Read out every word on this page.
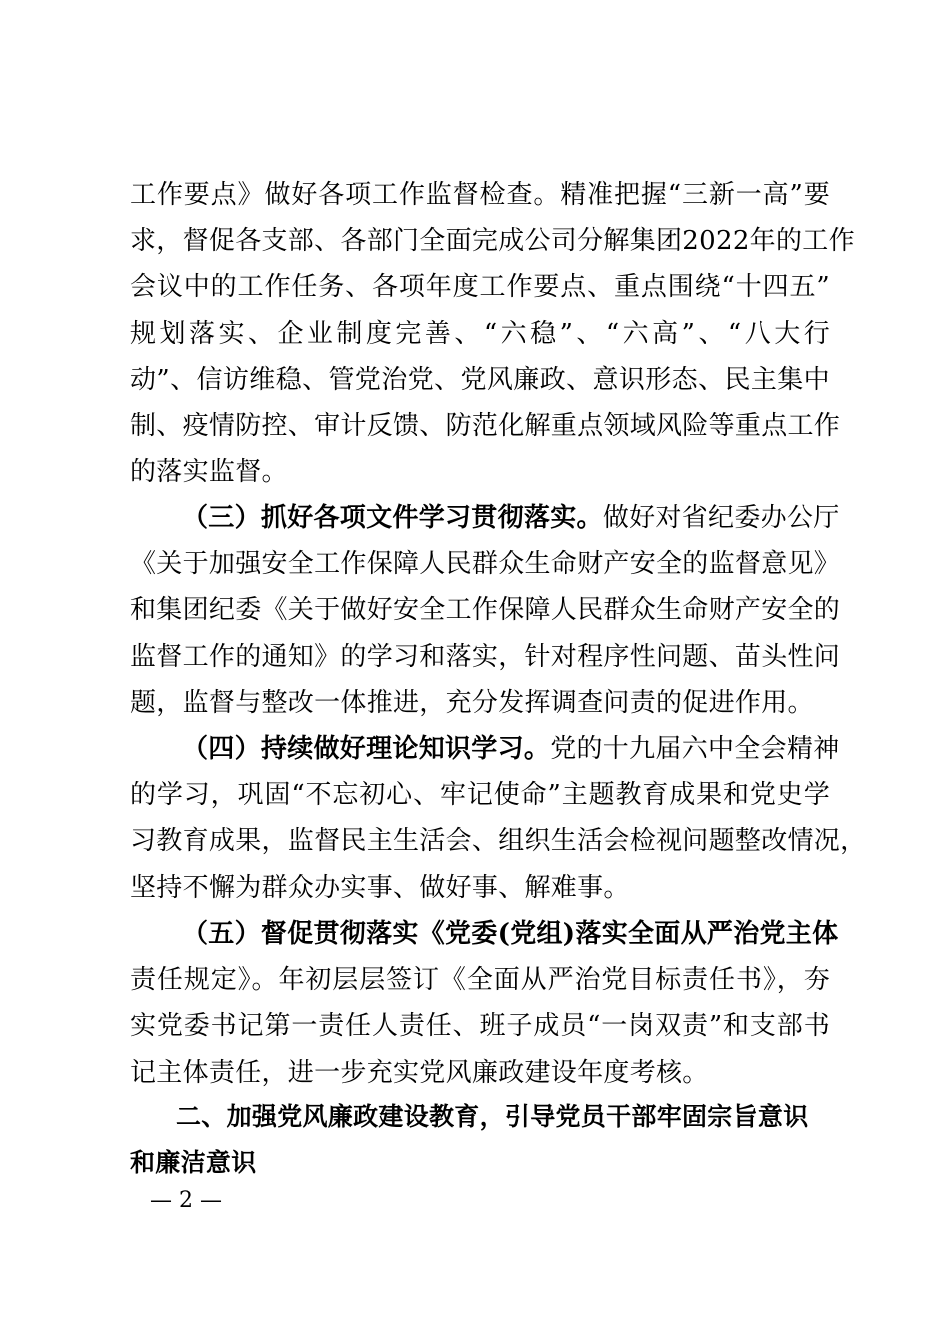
工作要点》做好各项工作监督检查。精准把握“三新一高”要
求，督促各支部、各部门全面完成公司分解集团2022年的工作
会议中的工作任务、各项年度工作要点、重点围绕“十四五”
规划落实、企业制度完善、“六稳”、“六高”、“八大行
动”、信访维稳、管党治党、党风廉政、意识形态、民主集中
制、疫情防控、审计反馈、防范化解重点领域风险等重点工作
的落实监督。
（三）抓好各项文件学习贯彻落实。做好对省纪委办公厅
《关于加强安全工作保障人民群众生命财产安全的监督意见》
和集团纪委《关于做好安全工作保障人民群众生命财产安全的
监督工作的通知》的学习和落实，针对程序性问题、苗头性问
题，监督与整改一体推进，充分发挥调查问责的促进作用。
（四）持续做好理论知识学习。党的十九届六中全会精神
的学习，巩固“不忘初心、牢记使命”主题教育成果和党史学
习教育成果，监督民主生活会、组织生活会检视问题整改情况，
坚持不懈为群众办实事、做好事、解难事。
（五）督促贯彻落实《党委(党组)落实全面从严治党主体
责任规定》。年初层层签订《全面从严治党目标责任书》，夯
实党委书记第一责任人责任、班子成员“一岗双责”和支部书
记主体责任，进一步充实党风廉政建设年度考核。
二、加强党风廉政建设教育，引导党员干部牢固宗旨意识
和廉洁意识
— 2 —
